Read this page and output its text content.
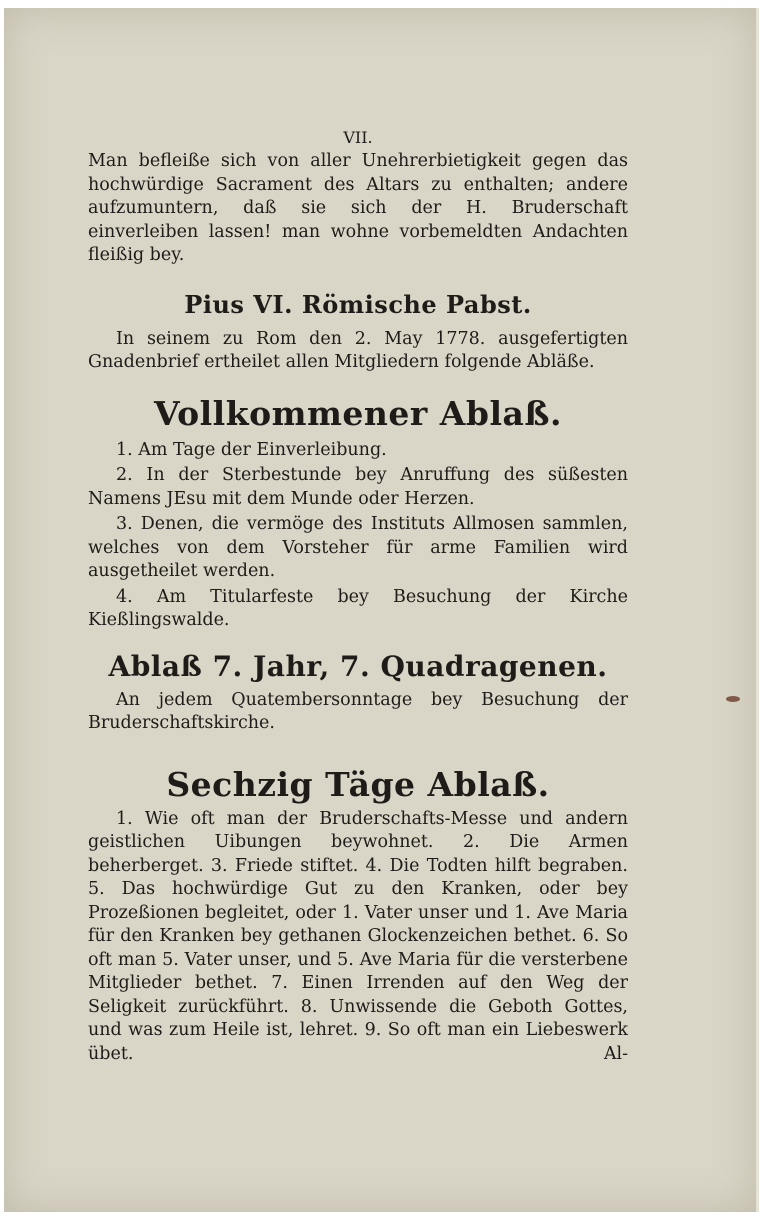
VII.

Man befleiße sich von aller Unehrerbietigkeit gegen das hochwürdige Sacrament des Altars zu enthalten; andere aufzumuntern, daß sie sich der H. Bruderschaft einverleiben lassen! man wohne vorbemeldten Andachten fleißig bey.

Pius VI. Römische Pabst.

In seinem zu Rom den 2. May 1778. ausgefertigten Gnadenbrief ertheilet allen Mitgliedern folgende Abläße.

Vollkommener Ablaß.

1. Am Tage der Einverleibung.

2. In der Sterbestunde bey Anruffung des süßesten Namens JEsu mit dem Munde oder Herzen.

3. Denen, die vermöge des Instituts Allmosen sammlen, welches von dem Vorsteher für arme Familien wird ausgetheilet werden.

4. Am Titularfeste bey Besuchung der Kirche Kießlingswalde.

Ablaß 7. Jahr, 7. Quadragenen.

An jedem Quatembersonntage bey Besuchung der Bruderschaftskirche.

Sechzig Täge Ablaß.

1. Wie oft man der Bruderschafts-Messe und andern geistlichen Uibungen beywohnet. 2. Die Armen beherberget. 3. Friede stiftet. 4. Die Todten hilft begraben. 5. Das hochwürdige Gut zu den Kranken, oder bey Prozeßionen begleitet, oder 1. Vater unser und 1. Ave Maria für den Kranken bey gethanen Glockenzeichen bethet. 6. So oft man 5. Vater unser, und 5. Ave Maria für die versterbene Mitglieder bethet. 7. Einen Irrenden auf den Weg der Seligkeit zurückführt. 8. Unwissende die Geboth Gottes, und was zum Heile ist, lehret. 9. So oft man ein Liebeswerk übet.	Al-
